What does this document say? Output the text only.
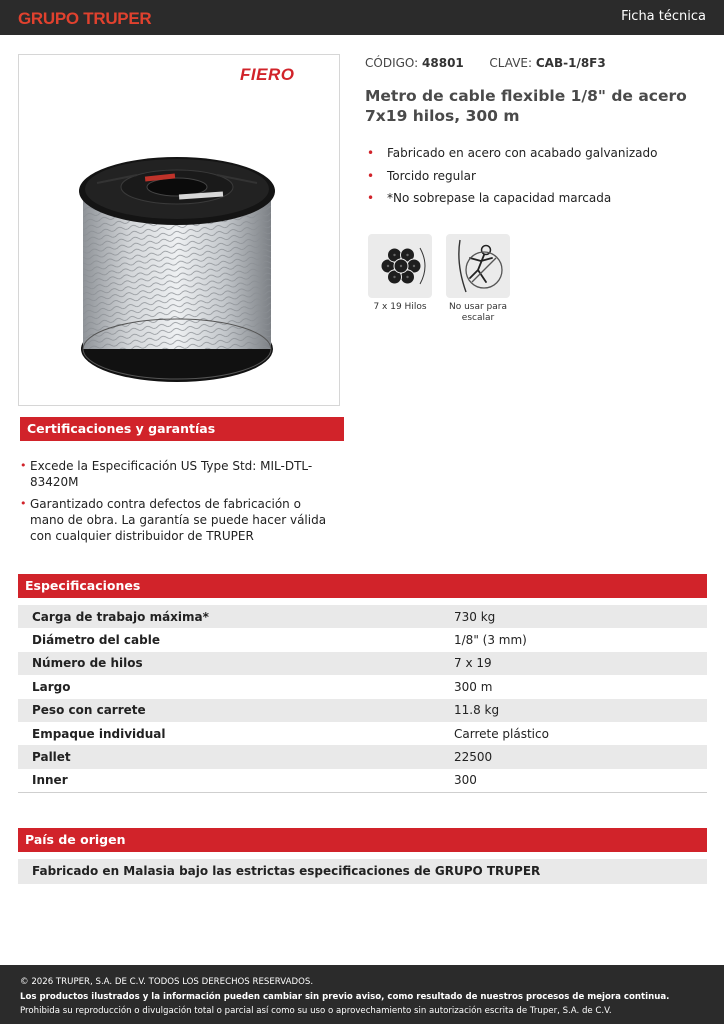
GRUPO TRUPER	Ficha técnica
FIERO
CÓDIGO: 48801 CLAVE: CAB-1/8F3
Metro de cable flexible 1/8" de acero 7x19 hilos, 300 m
• Fabricado en acero con acabado galvanizado
• Torcido regular
• *No sobrepase la capacidad marcada
7 x 19 Hilos	No usar para escalar
Certificaciones y garantías
• Excede la Especificación US Type Std: MIL-DTL-83420M
• Garantizado contra defectos de fabricación o mano de obra. La garantía se puede hacer válida con cualquier distribuidor de TRUPER
Especificaciones
Carga de trabajo máxima*	730 kg
Diámetro del cable	1/8" (3 mm)
Número de hilos	7 x 19
Largo	300 m
Peso con carrete	11.8 kg
Empaque individual	Carrete plástico
Pallet	22500
Inner	300
País de origen
Fabricado en Malasia bajo las estrictas especificaciones de GRUPO TRUPER
© 2026 TRUPER, S.A. DE C.V. TODOS LOS DERECHOS RESERVADOS.
Los productos ilustrados y la información pueden cambiar sin previo aviso, como resultado de nuestros procesos de mejora continua.
Prohibida su reproducción o divulgación total o parcial así como su uso o aprovechamiento sin autorización escrita de Truper, S.A. de C.V.
